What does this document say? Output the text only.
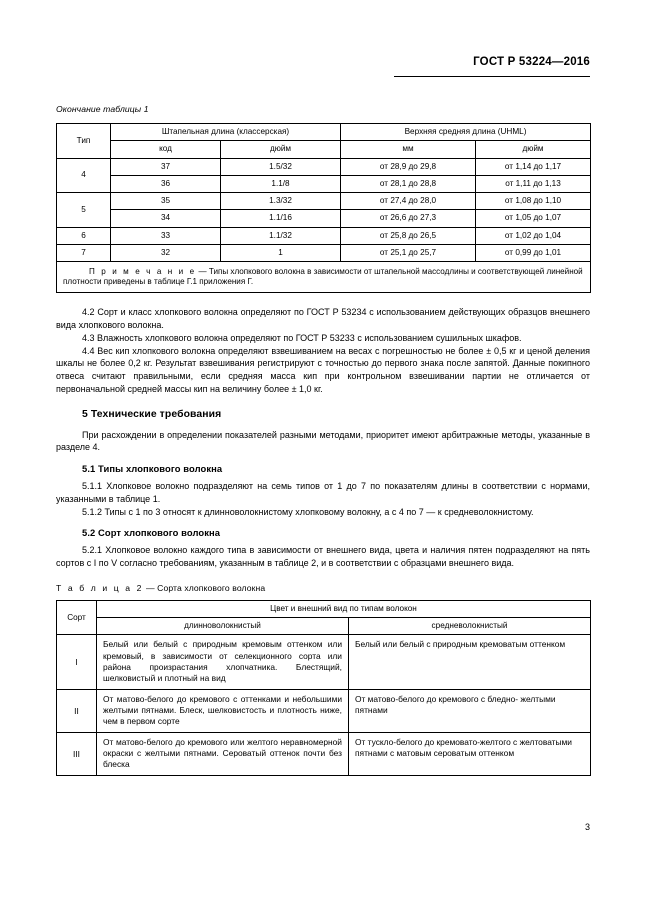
ГОСТ Р 53224—2016
Окончание таблицы 1
Тип	Штапельная длина (классерская)		Верхняя средняя длина (UHML)	
	код	дюйм	мм	дюйм
4	37	1.5/32	от 28,9 до 29,8	от 1,14 до 1,17
	36	1.1/8	от 28,1 до 28,8	от 1,11 до 1,13
5	35	1.3/32	от 27,4 до 28,0	от 1,08 до 1,10
	34	1.1/16	от 26,6 до 27,3	от 1,05 до 1,07
6	33	1.1/32	от 25,8 до 26,5	от 1,02 до 1,04
7	32	1	от 25,1 до 25,7	от 0,99 до 1,01
П р и м е ч а н и е — Типы хлопкового волокна в зависимости от штапельной массодлины и соответствующей линейной плотности приведены в таблице Г.1 приложения Г.				

4.2 Сорт и класс хлопкового волокна определяют по ГОСТ Р 53234 с использованием действующих образцов внешнего вида хлопкового волокна.

4.3 Влажность хлопкового волокна определяют по ГОСТ Р 53233 с использованием сушильных шкафов.

4.4 Вес кип хлопкового волокна определяют взвешиванием на весах с погрешностью не более ± 0,5 кг и ценой деления шкалы не более 0,2 кг. Результат взвешивания регистрируют с точностью до первого знака после запятой. Данные покипного отвеса считают правильными, если средняя масса кип при контрольном взвешивании партии не отличается от первоначальной средней массы кип на величину более ± 1,0 кг.

5 Технические требования

При расхождении в определении показателей разными методами, приоритет имеют арбитражные методы, указанные в разделе 4.

5.1 Типы хлопкового волокна

5.1.1 Хлопковое волокно подразделяют на семь типов от 1 до 7 по показателям длины в соответствии с нормами, указанными в таблице 1.

5.1.2 Типы с 1 по 3 относят к длинноволокнистому хлопковому волокну, а с 4 по 7 — к средневолокнистому.

5.2 Сорт хлопкового волокна

5.2.1 Хлопковое волокно каждого типа в зависимости от внешнего вида, цвета и наличия пятен подразделяют на пять сортов с I по V согласно требованиям, указанным в таблице 2, и в соответствии с образцами внешнего вида.

Т а б л и ц а 2 — Сорта хлопкового волокна
Сорт	Цвет и внешний вид по типам волокон	
	длинноволокнистый	средневолокнистый
I	Белый или белый с природным кремовым оттенком или кремовый, в зависимости от селекционного сорта или района произрастания хлопчатника. Блестящий, шелковистый и плотный на вид	Белый или белый с природным кремоватым оттенком
II	От матово-белого до кремового с оттенками и небольшими желтыми пятнами. Блеск, шелковистость и плотность ниже, чем в первом сорте	От матово-белого до кремового с бледно- желтыми пятнами
III	От матово-белого до кремового или желтого неравномерной окраски с желтыми пятнами. Сероватый оттенок почти без блеска	От тускло-белого до кремовато-желтого с желтоватыми пятнами с матовым сероватым оттенком
3
